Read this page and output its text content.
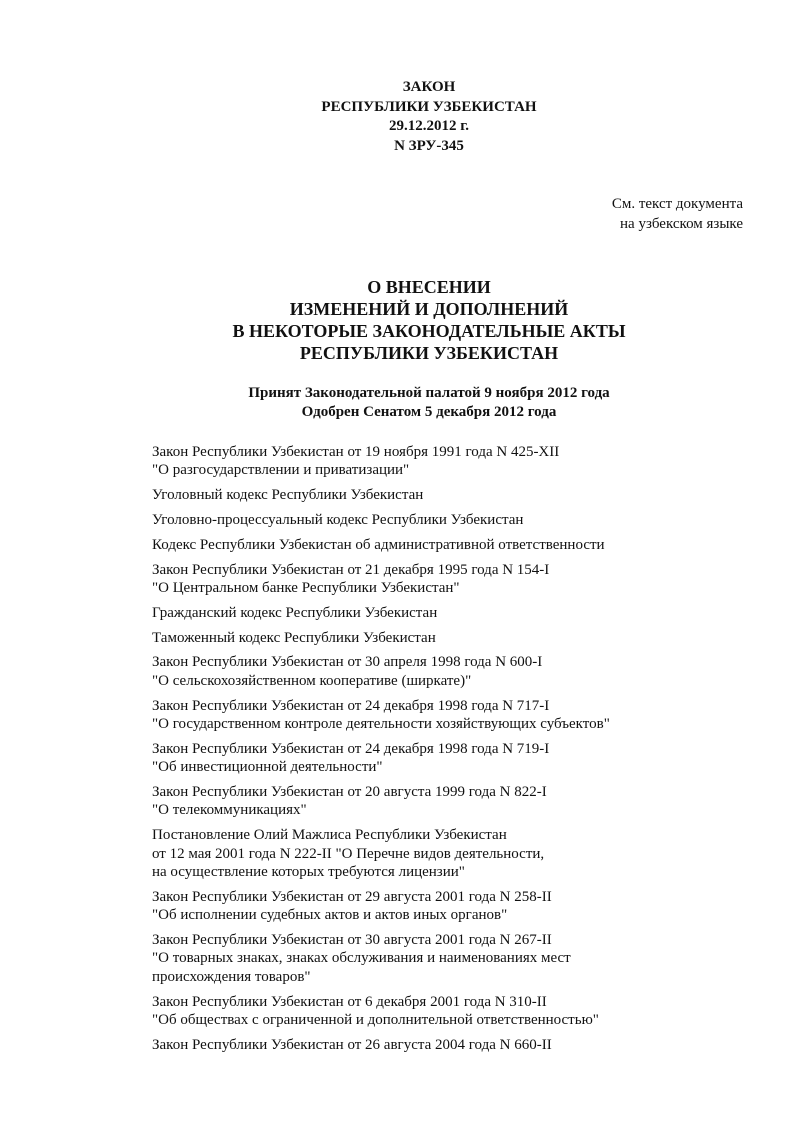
ЗАКОН
РЕСПУБЛИКИ УЗБЕКИСТАН
29.12.2012 г.
N ЗРУ-345
См. текст документа
на узбекском языке
О ВНЕСЕНИИ
ИЗМЕНЕНИЙ И ДОПОЛНЕНИЙ
В НЕКОТОРЫЕ ЗАКОНОДАТЕЛЬНЫЕ АКТЫ
РЕСПУБЛИКИ УЗБЕКИСТАН
Принят Законодательной палатой 9 ноября 2012 года
Одобрен Сенатом 5 декабря 2012 года
Закон Республики Узбекистан от 19 ноября 1991 года N 425-XII
"О разгосударствлении и приватизации"
Уголовный кодекс Республики Узбекистан
Уголовно-процессуальный кодекс Республики Узбекистан
Кодекс Республики Узбекистан об административной ответственности
Закон Республики Узбекистан от 21 декабря 1995 года N 154-I
"О Центральном банке Республики Узбекистан"
Гражданский кодекс Республики Узбекистан
Таможенный кодекс Республики Узбекистан
Закон Республики Узбекистан от 30 апреля 1998 года N 600-I
"О сельскохозяйственном кооперативе (ширкате)"
Закон Республики Узбекистан от 24 декабря 1998 года N 717-I
"О государственном контроле деятельности хозяйствующих субъектов"
Закон Республики Узбекистан от 24 декабря 1998 года N 719-I
"Об инвестиционной деятельности"
Закон Республики Узбекистан от 20 августа 1999 года N 822-I
"О телекоммуникациях"
Постановление Олий Мажлиса Республики Узбекистан
от 12 мая 2001 года N 222-II "О Перечне видов деятельности,
на осуществление которых требуются лицензии"
Закон Республики Узбекистан от 29 августа 2001 года N 258-II
"Об исполнении судебных актов и актов иных органов"
Закон Республики Узбекистан от 30 августа 2001 года N 267-II
"О товарных знаках, знаках обслуживания и наименованиях мест
происхождения товаров"
Закон Республики Узбекистан от 6 декабря 2001 года N 310-II
"Об обществах с ограниченной и дополнительной ответственностью"
Закон Республики Узбекистан от 26 августа 2004 года N 660-II
